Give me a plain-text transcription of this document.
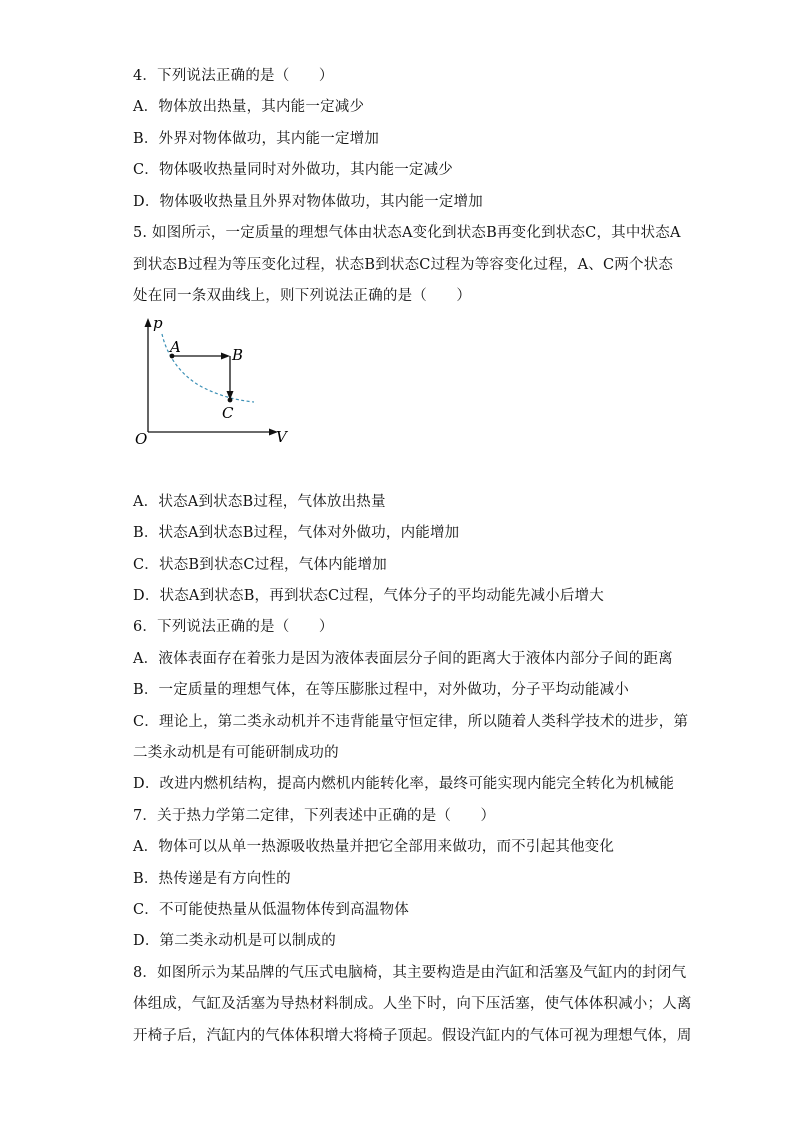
4．下列说法正确的是（　　）
A．物体放出热量，其内能一定减少
B．外界对物体做功，其内能一定增加
C．物体吸收热量同时对外做功，其内能一定减少
D．物体吸收热量且外界对物体做功，其内能一定增加
5. 如图所示，一定质量的理想气体由状态A变化到状态B再变化到状态C，其中状态A
到状态B过程为等压变化过程，状态B到状态C过程为等容变化过程，A、C两个状态
处在同一条双曲线上，则下列说法正确的是（　　）
p
V
O
A	B
C
A．状态A到状态B过程，气体放出热量
B．状态A到状态B过程，气体对外做功，内能增加
C．状态B到状态C过程，气体内能增加
D．状态A到状态B，再到状态C过程，气体分子的平均动能先减小后增大
6．下列说法正确的是（　　）
A．液体表面存在着张力是因为液体表面层分子间的距离大于液体内部分子间的距离
B．一定质量的理想气体，在等压膨胀过程中，对外做功，分子平均动能减小
C．理论上，第二类永动机并不违背能量守恒定律，所以随着人类科学技术的进步，第
二类永动机是有可能研制成功的
D．改进内燃机结构，提高内燃机内能转化率，最终可能实现内能完全转化为机械能
7．关于热力学第二定律，下列表述中正确的是（　　）
A．物体可以从单一热源吸收热量并把它全部用来做功，而不引起其他变化
B．热传递是有方向性的
C．不可能使热量从低温物体传到高温物体
D．第二类永动机是可以制成的
8．如图所示为某品牌的气压式电脑椅，其主要构造是由汽缸和活塞及气缸内的封闭气
体组成，气缸及活塞为导热材料制成。人坐下时，向下压活塞，使气体体积减小；人离
开椅子后，汽缸内的气体体积增大将椅子顶起。假设汽缸内的气体可视为理想气体，周
